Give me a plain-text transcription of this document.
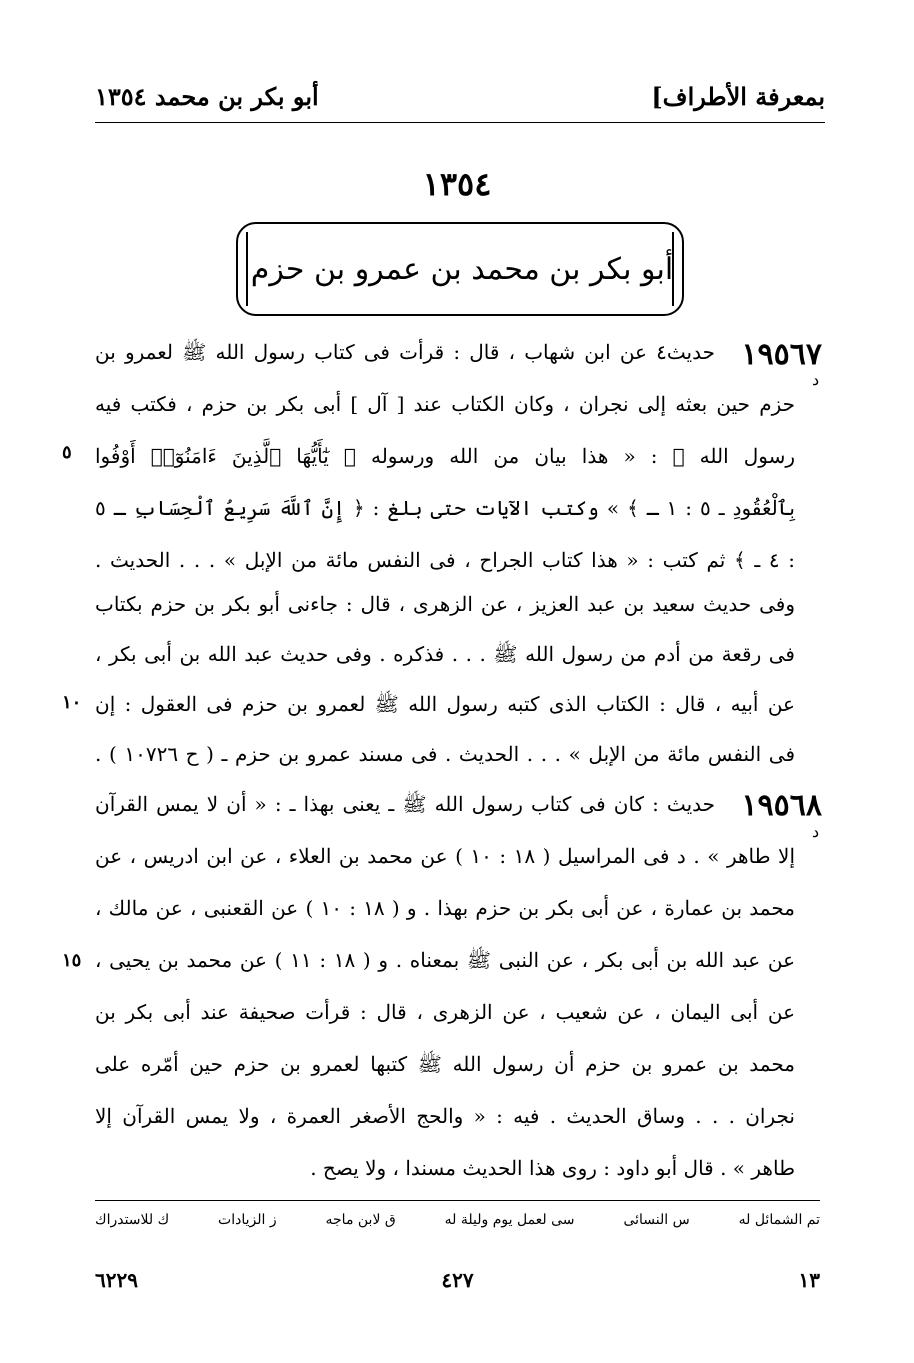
بمعرفة الأطراف]
أبو بكر بن محمد ١٣٥٤
١٣٥٤
أبو بكر بن محمد بن عمرو بن حزم
١٩٥٦٧
د
حديث٤ عن ابن شهاب ، قال : قرأت فى كتاب رسول الله ﷺ لعمرو بن
حزم حين بعثه إلى نجران ، وكان الكتاب عند [ آل ] أبى بكر بن حزم ، فكتب فيه
رسول الله ﷺ : « هذا بيان من الله ورسوله ﴿ يٰٓأَيُّهَا ٱلَّذِينَ ءَامَنُوٓا۟ أَوْفُوا
بِٱلْعُقُودِ ـ ٥ : ١ ـ ﴾ » وكتب الآيات حتى بلغ : ﴿ إِنَّ ٱللَّهَ سَرِيعُ ٱلْحِسَابِ ـ ٥
: ٤ ـ ﴾ ثم كتب : « هذا كتاب الجراح ، فى النفس مائة من الإبل » . . . الحديث .
وفى حديث سعيد بن عبد العزيز ، عن الزهرى ، قال : جاءنى أبو بكر بن حزم بكتاب
فى رقعة من أدم من رسول الله ﷺ . . . فذكره . وفى حديث عبد الله بن أبى بكر ،
عن أبيه ، قال : الكتاب الذى كتبه رسول الله ﷺ لعمرو بن حزم فى العقول : إن
فى النفس مائة من الإبل » . . . الحديث . فى مسند عمرو بن حزم ـ ( ح ١٠٧٢٦ ) .
٥
١٠
١٩٥٦٨
د
حديث : كان فى كتاب رسول الله ﷺ ـ يعنى بهذا ـ : « أن لا يمس القرآن
إلا طاهر » . د فى المراسيل ( ١٨ : ١٠ ) عن محمد بن العلاء ، عن ابن ادريس ، عن
محمد بن عمارة ، عن أبى بكر بن حزم بهذا . و ( ١٨ : ١٠ ) عن القعنبى ، عن مالك ،
عن عبد الله بن أبى بكر ، عن النبى ﷺ بمعناه . و ( ١٨ : ١١ ) عن محمد بن يحيى ،
عن أبى اليمان ، عن شعيب ، عن الزهرى ، قال : قرأت صحيفة عند أبى بكر بن
محمد بن عمرو بن حزم أن رسول الله ﷺ كتبها لعمرو بن حزم حين أمّره على
نجران . . . وساق الحديث . فيه : « والحج الأصغر العمرة ، ولا يمس القرآن إلا
طاهر » . قال أبو داود : روى هذا الحديث مسندا ، ولا يصح .
١٥
تم الشمائل له
س النسائى
سى لعمل يوم وليلة له
ق لابن ماجه
ز الزيادات
ك للاستدراك
١٣
٤٢٧
٦٢٢٩
